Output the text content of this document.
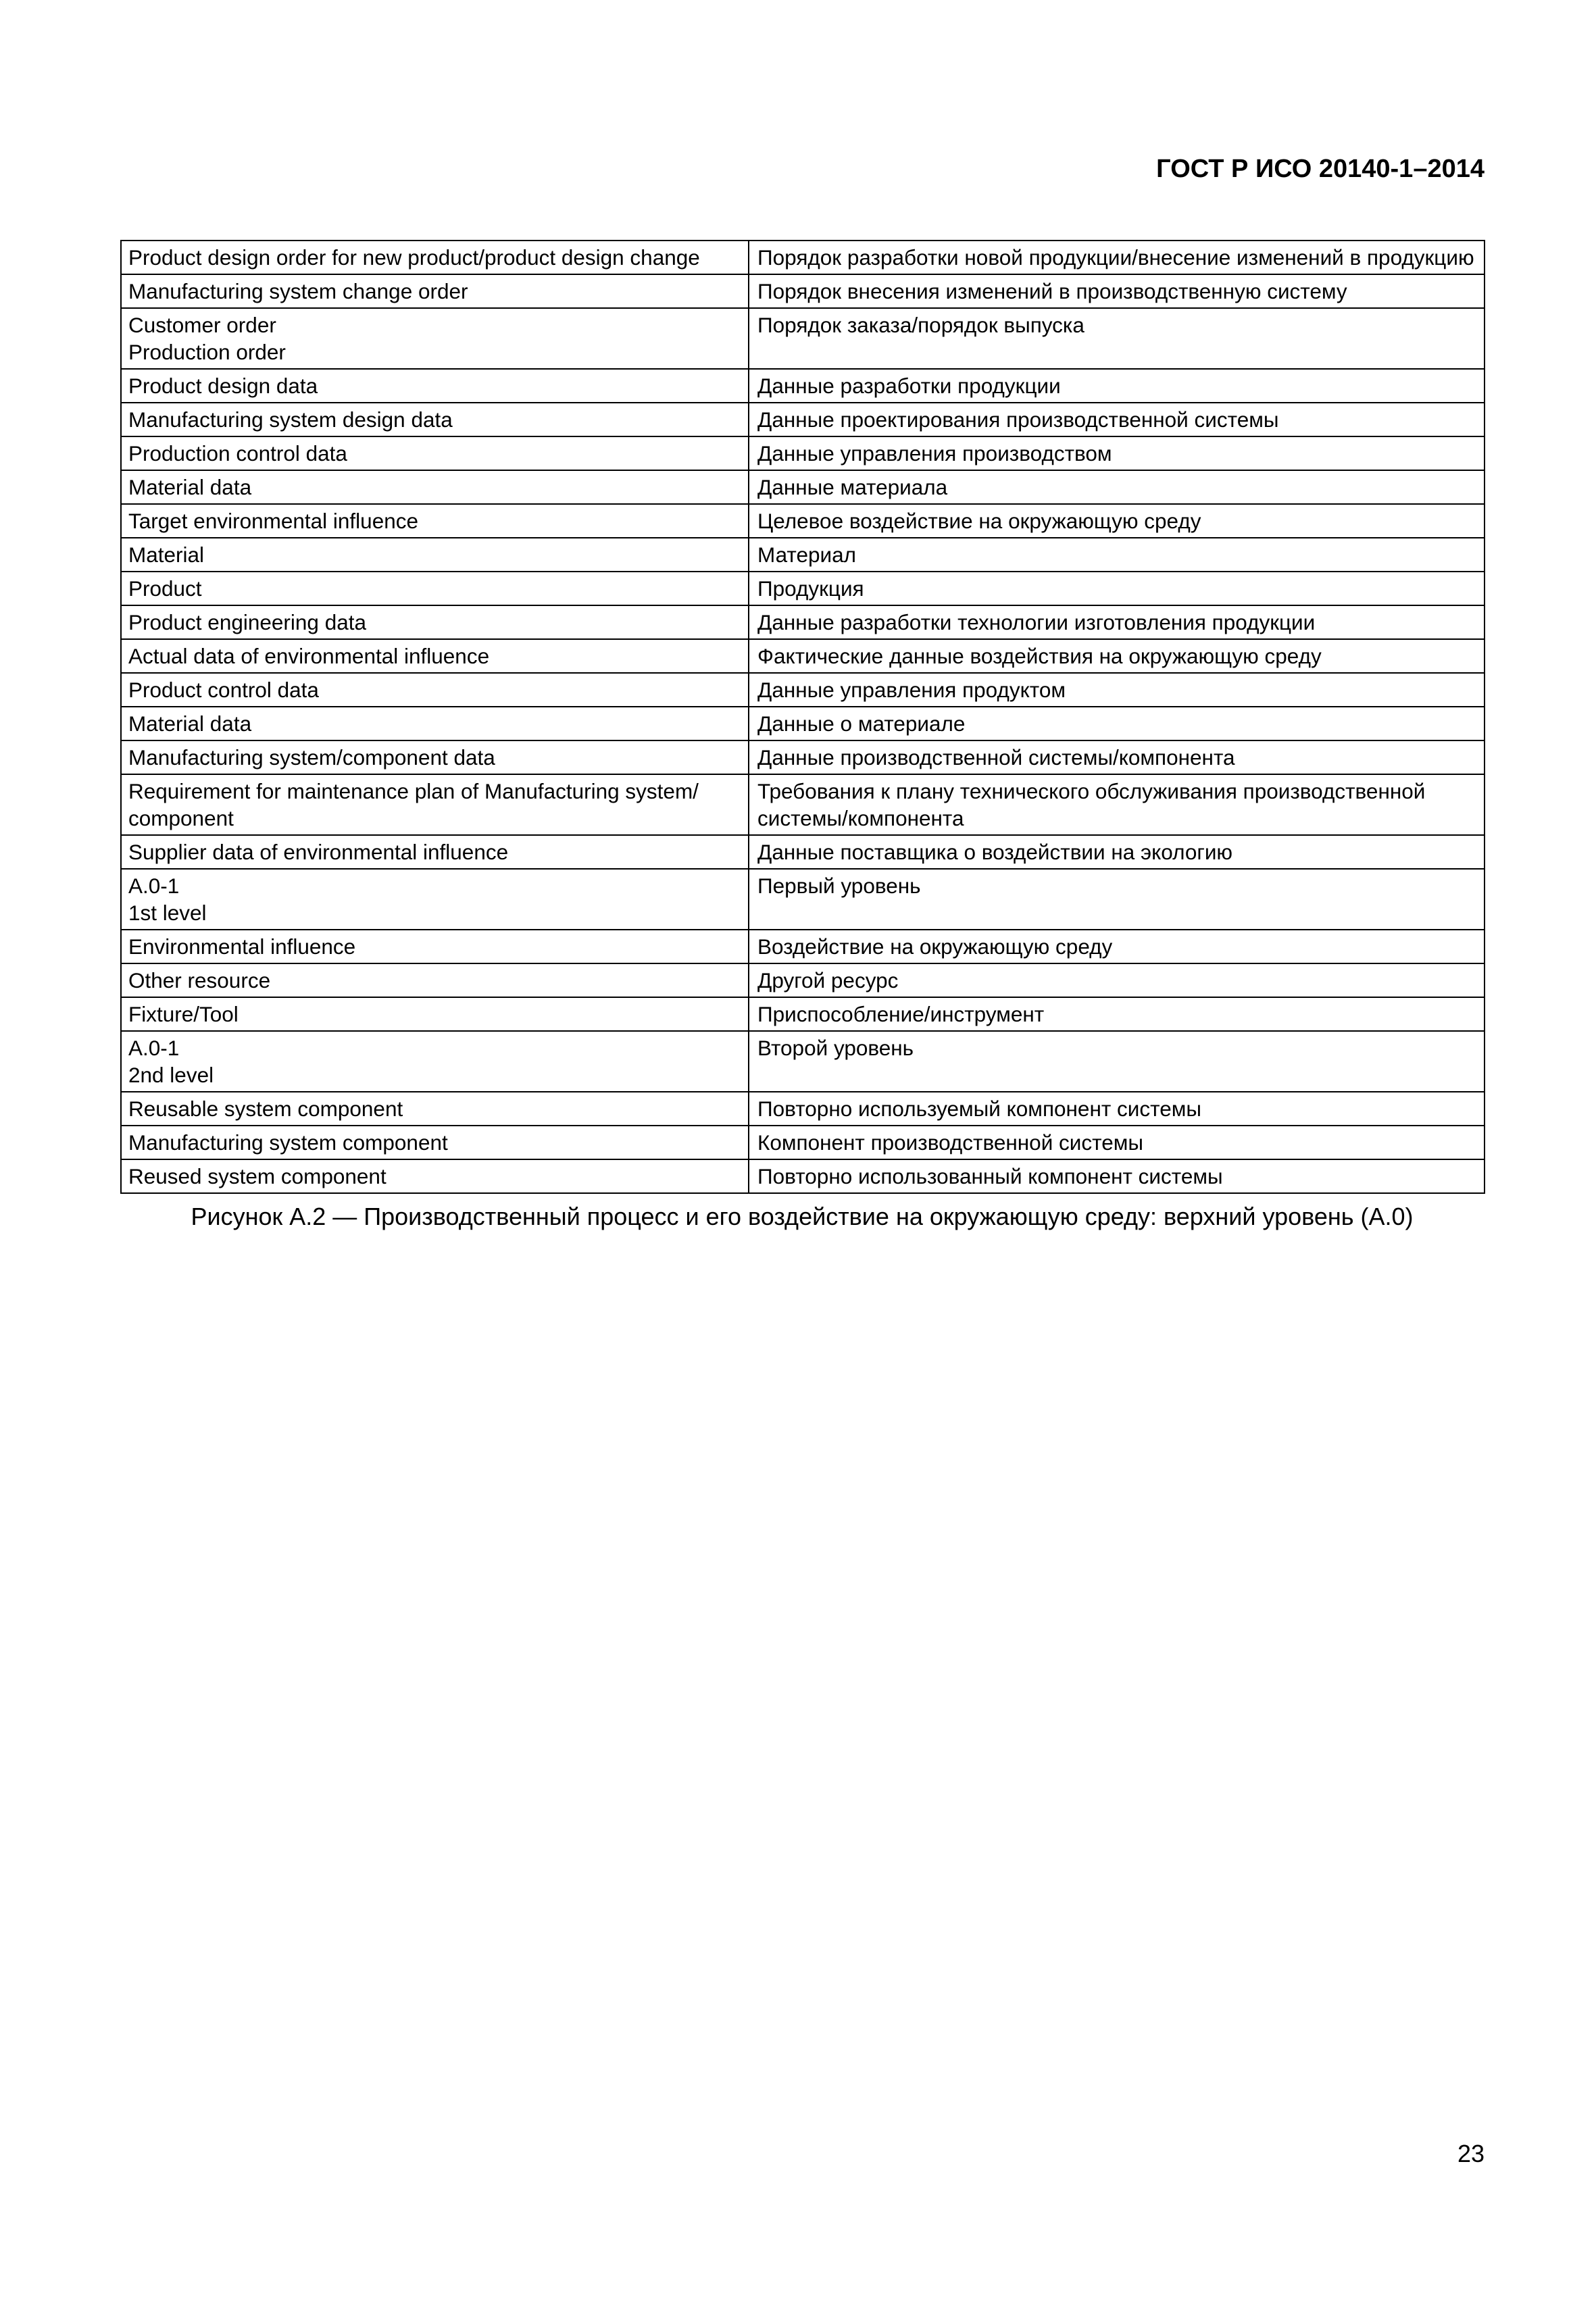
ГОСТ Р ИСО 20140-1–2014
Product design order for new product/product design change	Порядок разработки новой продукции/внесение изменений в продукцию

Manufacturing system change order	Порядок внесения изменений в производственную систему

Customer order
Production order	Порядок заказа/порядок выпуска

Product design data	Данные разработки продукции

Manufacturing system design data	Данные проектирования производственной системы

Production control data	Данные управления производством

Material data	Данные материала

Target environmental influence	Целевое воздействие на окружающую среду

Material	Материал

Product	Продукция

Product engineering data	Данные разработки технологии изготовления продукции

Actual data of environmental influence	Фактические данные воздействия на окружающую среду

Product control data	Данные управления продуктом

Material data	Данные о материале

Manufacturing system/component data	Данные производственной системы/компонента

Requirement for maintenance plan of Manufacturing system/
component	Требования к плану технического обслуживания производственной системы/компонента

Supplier data of environmental influence	Данные поставщика о воздействии на экологию

A.0-1
1st level	Первый уровень

Environmental influence	Воздействие на окружающую среду

Other resource	Другой ресурс

Fixture/Tool	Приспособление/инструмент

A.0-1
2nd level	Второй уровень

Reusable system component	Повторно используемый компонент системы

Manufacturing system component	Компонент производственной системы

Reused system component	Повторно использованный компонент системы
Рисунок А.2 — Производственный процесс и его воздействие на окружающую среду: верхний уровень (А.0)
23
